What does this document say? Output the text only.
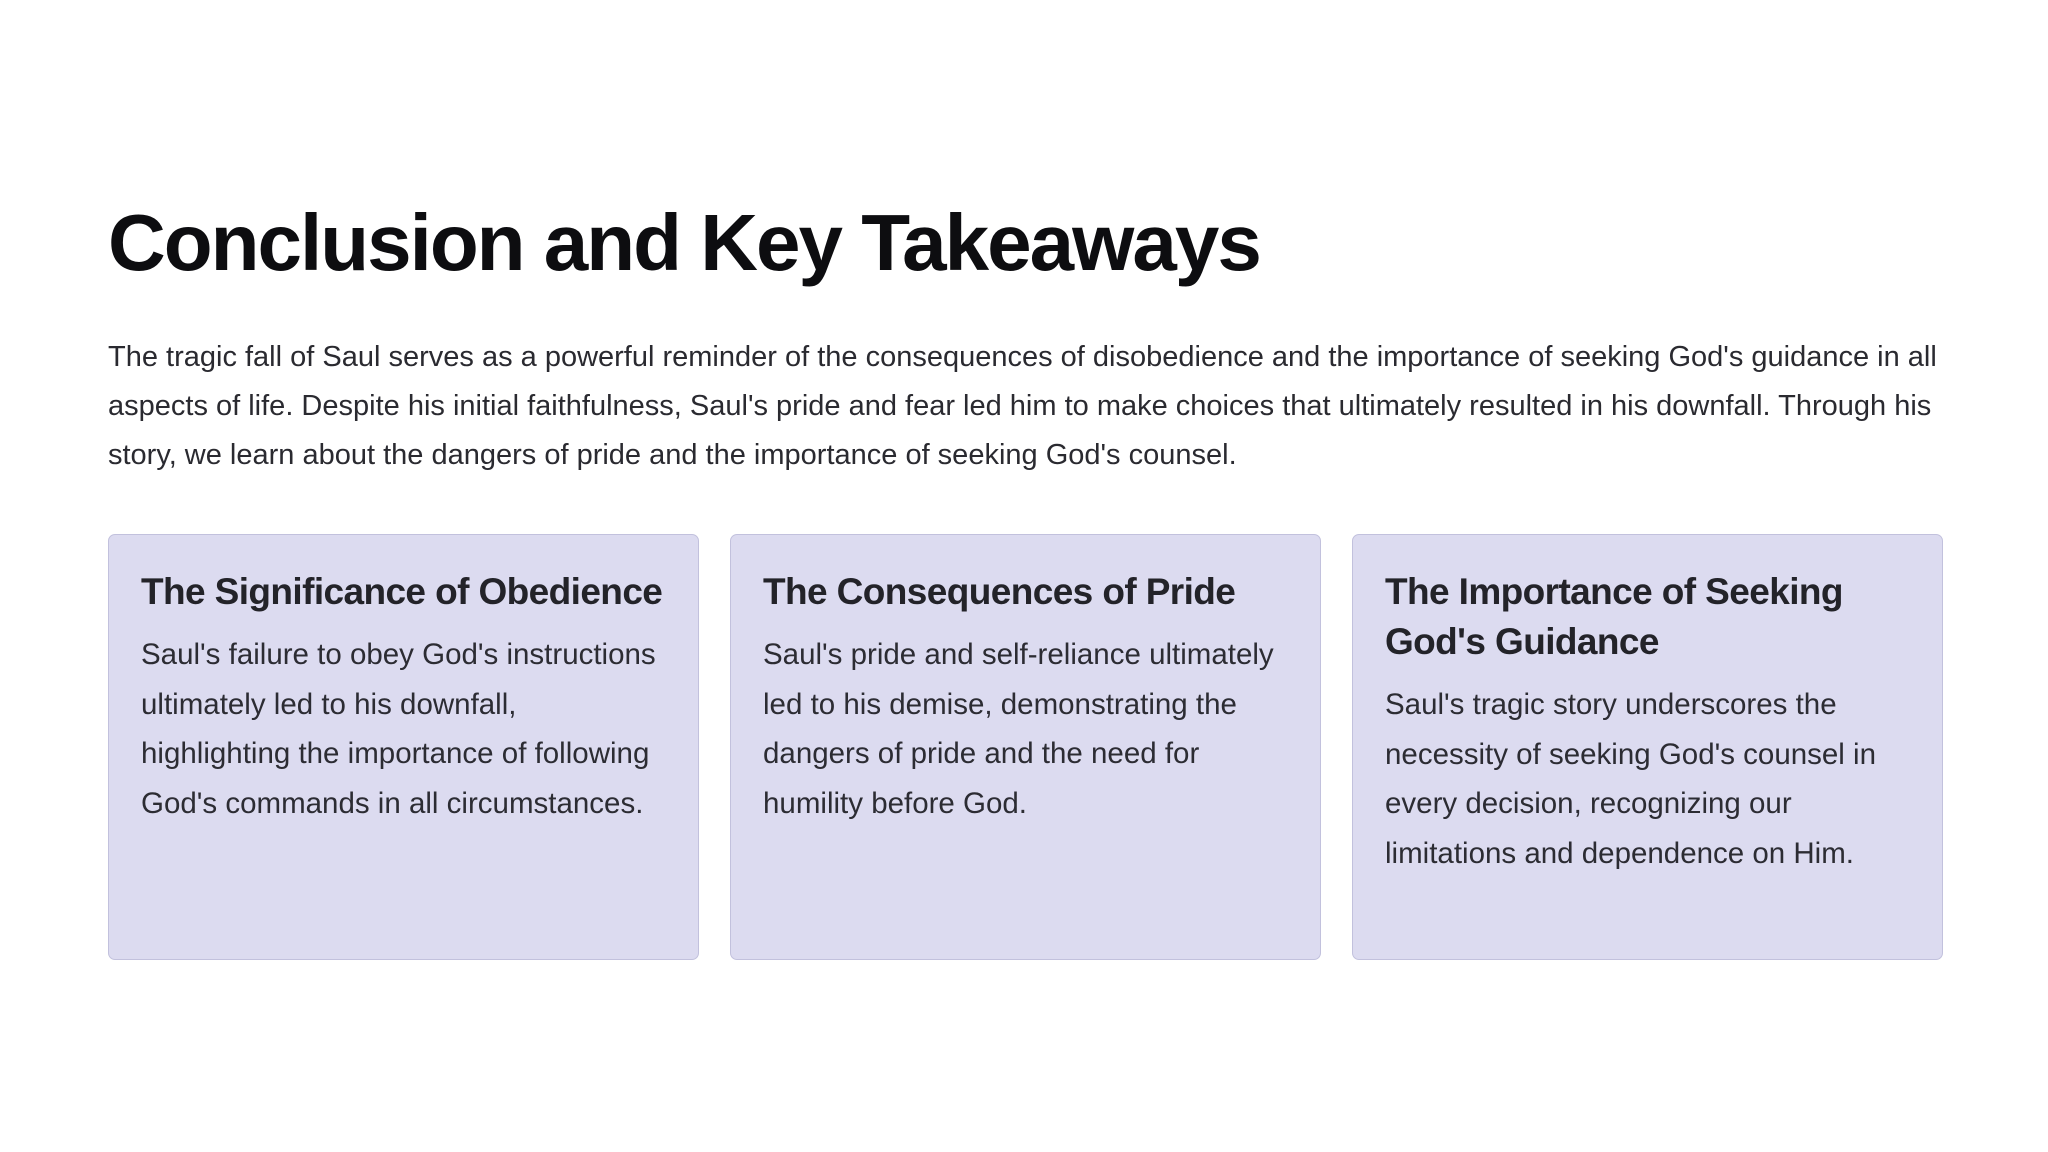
Conclusion and Key Takeaways

The tragic fall of Saul serves as a powerful reminder of the consequences of disobedience and the importance of seeking God's guidance in all aspects of life. Despite his initial faithfulness, Saul's pride and fear led him to make choices that ultimately resulted in his downfall. Through his story, we learn about the dangers of pride and the importance of seeking God's counsel.

The Significance of Obedience

Saul's failure to obey God's instructions ultimately led to his downfall, highlighting the importance of following God's commands in all circumstances.

The Consequences of Pride

Saul's pride and self-reliance ultimately led to his demise, demonstrating the dangers of pride and the need for humility before God.

The Importance of Seeking God's Guidance

Saul's tragic story underscores the necessity of seeking God's counsel in every decision, recognizing our limitations and dependence on Him.
